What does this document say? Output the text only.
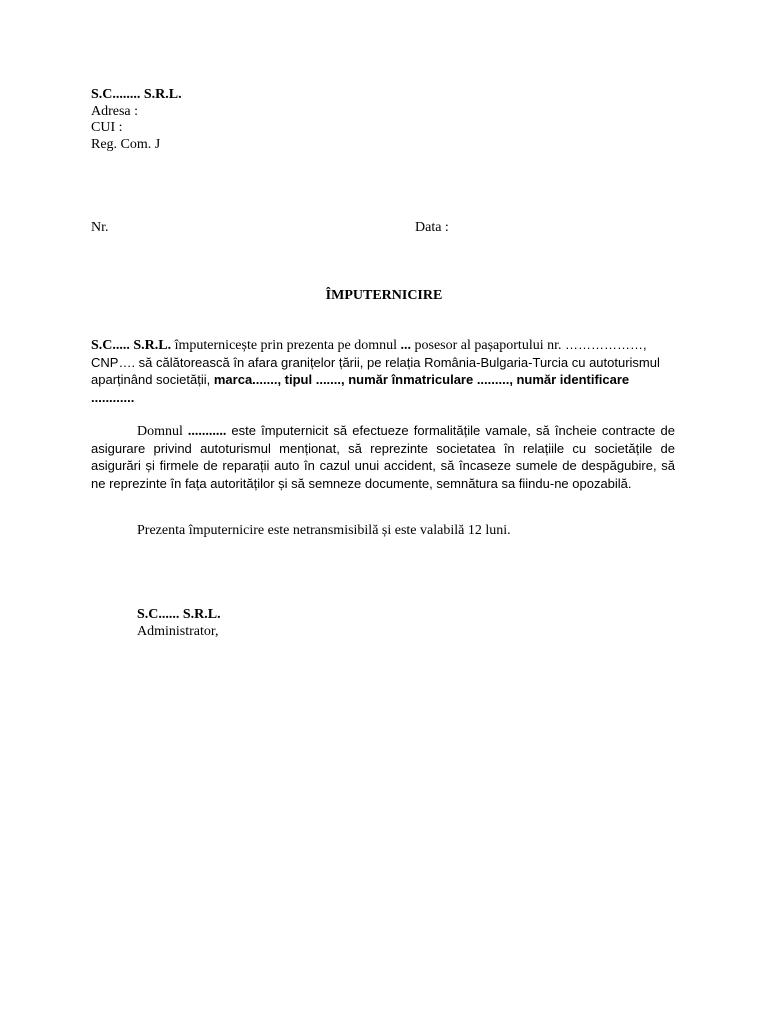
S.C........ S.R.L.
Adresa :
CUI :
Reg. Com. J
Nr.	Data :
ÎMPUTERNICIRE
S.C..... S.R.L. împuternicește prin prezenta pe domnul ... posesor al pașaportului nr. ………………, CNP…. să călătorească în afara granițelor țării, pe relația România-Bulgaria-Turcia cu autoturismul aparținând societății, marca......., tipul ......., număr înmatriculare ........., număr identificare ............
Domnul ........... este împuternicit să efectueze formalitățile vamale, să încheie contracte de asigurare privind autoturismul menționat, să reprezinte societatea în relațiile cu societățile de asigurări și firmele de reparații auto în cazul unui accident, să încaseze sumele de despăgubire, să ne reprezinte în fața autorităților și să semneze documente, semnătura sa fiindu-ne opozabilă.
Prezenta împuternicire este netransmisibilă și este valabilă 12 luni.
S.C...... S.R.L.
Administrator,
